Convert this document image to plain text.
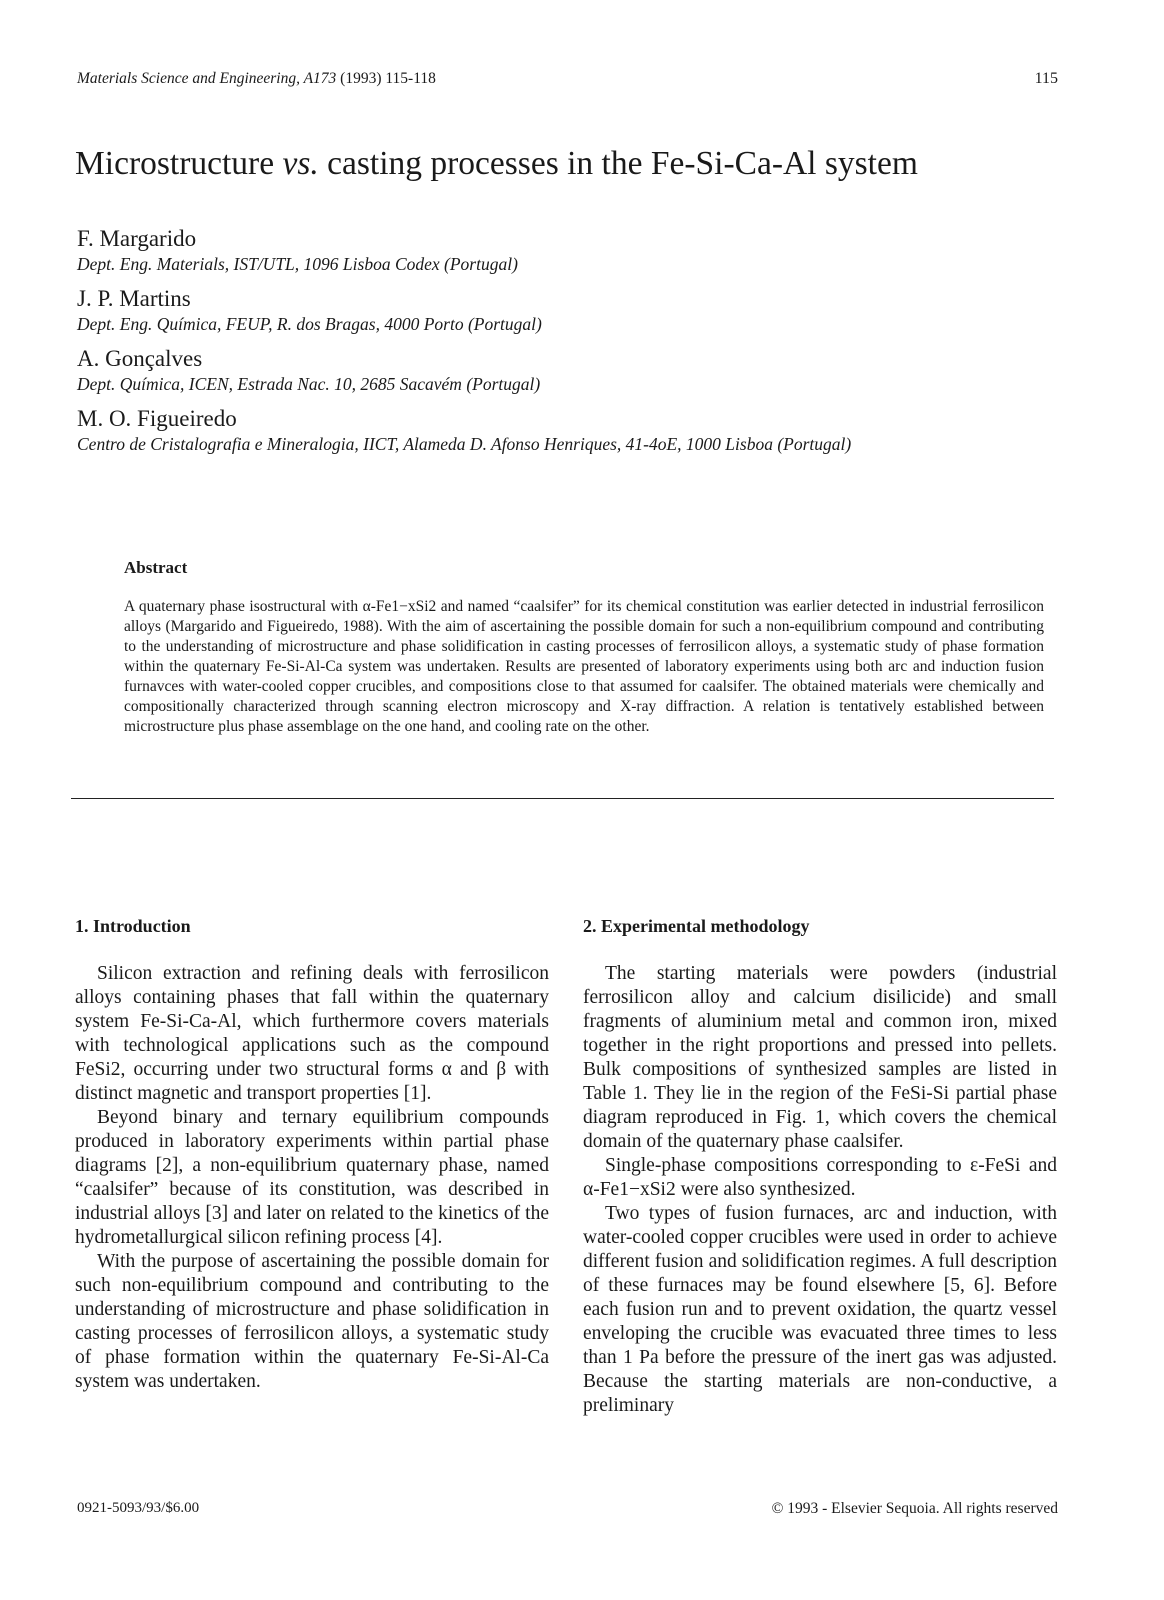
Materials Science and Engineering, A173 (1993) 115-118	115
Microstructure vs. casting processes in the Fe-Si-Ca-Al system
F. Margarido
Dept. Eng. Materials, IST/UTL, 1096 Lisboa Codex (Portugal)
J. P. Martins
Dept. Eng. Química, FEUP, R. dos Bragas, 4000 Porto (Portugal)
A. Gonçalves
Dept. Química, ICEN, Estrada Nac. 10, 2685 Sacavém (Portugal)
M. O. Figueiredo
Centro de Cristalografia e Mineralogia, IICT, Alameda D. Afonso Henriques, 41-4oE, 1000 Lisboa (Portugal)
Abstract

A quaternary phase isostructural with α-Fe1−xSi2 and named “caalsifer” for its chemical constitution was earlier detected in industrial ferrosilicon alloys (Margarido and Figueiredo, 1988). With the aim of ascertaining the possible domain for such a non-equilibrium compound and contributing to the understanding of microstructure and phase solidification in casting processes of ferrosilicon alloys, a systematic study of phase formation within the quaternary Fe-Si-Al-Ca system was undertaken. Results are presented of laboratory experiments using both arc and induction fusion furnavces with water-cooled copper crucibles, and compositions close to that assumed for caalsifer. The obtained materials were chemically and compositionally characterized through scanning electron microscopy and X-ray diffraction. A relation is tentatively established between microstructure plus phase assemblage on the one hand, and cooling rate on the other.

1. Introduction

Silicon extraction and refining deals with ferrosilicon alloys containing phases that fall within the quaternary system Fe-Si-Ca-Al, which furthermore covers materials with technological applications such as the compound FeSi2, occurring under two structural forms α and β with distinct magnetic and transport properties [1].

Beyond binary and ternary equilibrium compounds produced in laboratory experiments within partial phase diagrams [2], a non-equilibrium quaternary phase, named “caalsifer” because of its constitution, was described in industrial alloys [3] and later on related to the kinetics of the hydrometallurgical silicon refining process [4].

With the purpose of ascertaining the possible domain for such non-equilibrium compound and contributing to the understanding of microstructure and phase solidification in casting processes of ferrosilicon alloys, a systematic study of phase formation within the quaternary Fe-Si-Al-Ca system was undertaken.

2. Experimental methodology

The starting materials were powders (industrial ferrosilicon alloy and calcium disilicide) and small fragments of aluminium metal and common iron, mixed together in the right proportions and pressed into pellets. Bulk compositions of synthesized samples are listed in Table 1. They lie in the region of the FeSi-Si partial phase diagram reproduced in Fig. 1, which covers the chemical domain of the quaternary phase caalsifer.

Single-phase compositions corresponding to ε-FeSi and α-Fe1−xSi2 were also synthesized.

Two types of fusion furnaces, arc and induction, with water-cooled copper crucibles were used in order to achieve different fusion and solidification regimes. A full description of these furnaces may be found elsewhere [5, 6]. Before each fusion run and to prevent oxidation, the quartz vessel enveloping the crucible was evacuated three times to less than 1 Pa before the pressure of the inert gas was adjusted. Because the starting materials are non-conductive, a preliminary

0921-5093/93/$6.00	© 1993 - Elsevier Sequoia. All rights reserved
